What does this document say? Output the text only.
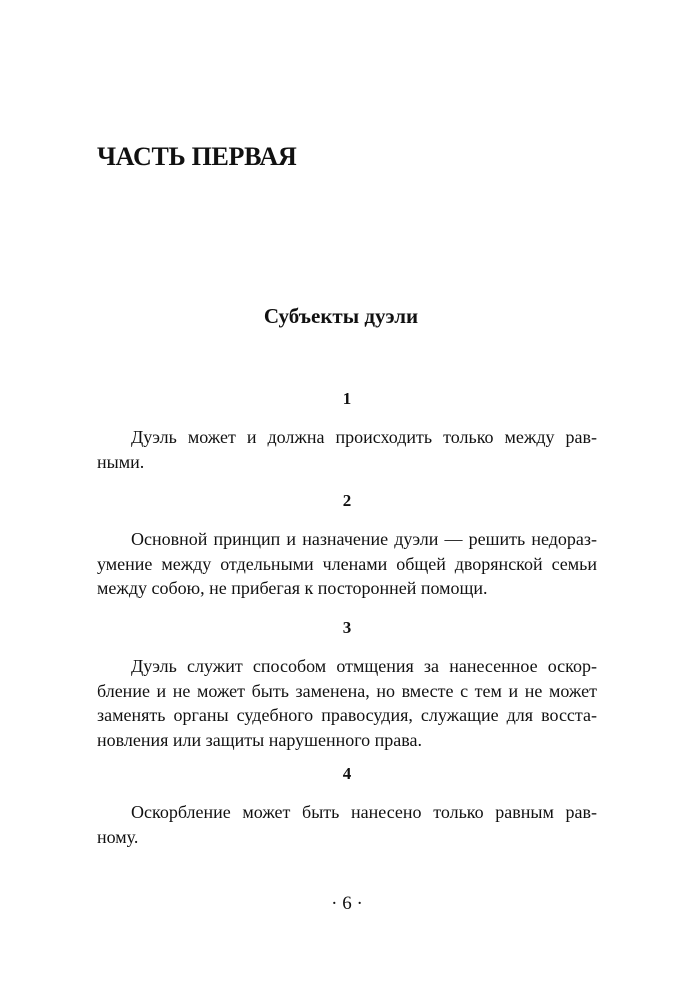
ЧАСТЬ ПЕРВАЯ
Субъекты дуэли
1

Дуэль может и должна происходить только между рав-
ными.

2

Основной принцип и назначение дуэли — решить недораз-
умение между отдельными членами общей дворянской семьи
между собою, не прибегая к посторонней помощи.

3

Дуэль служит способом отмщения за нанесенное оскор-
бление и не может быть заменена, но вместе с тем и не может
заменять органы судебного правосудия, служащие для восста-
новления или защиты нарушенного права.

4

Оскорбление может быть нанесено только равным рав-
ному.

· 6 ·
